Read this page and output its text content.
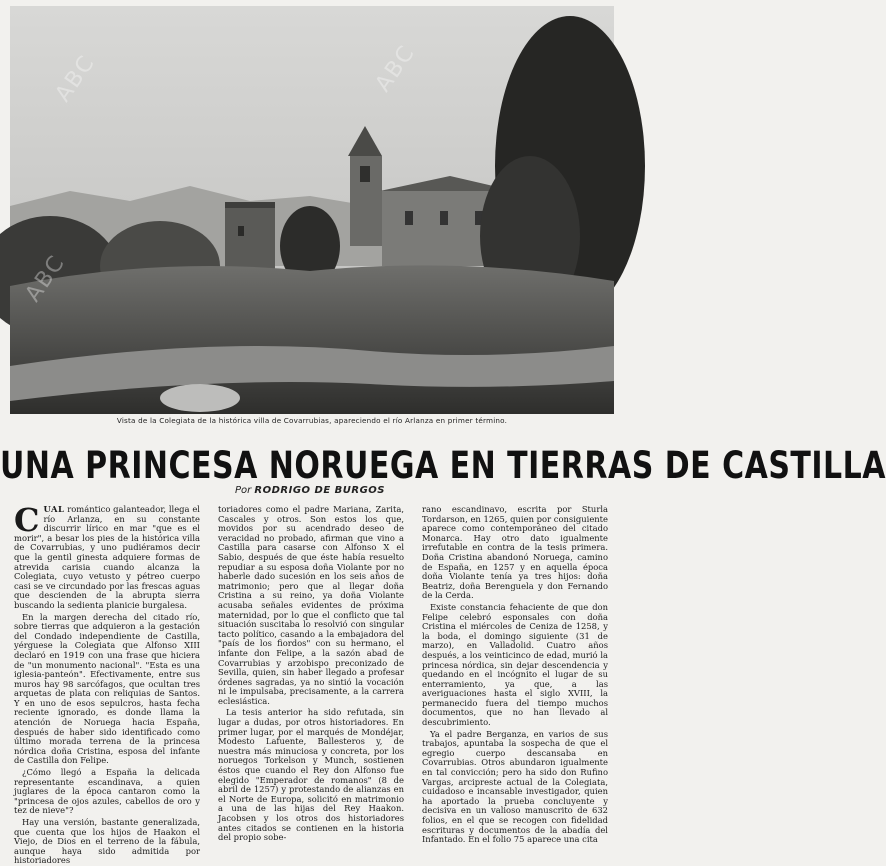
ABC	ABC
ABC
Vista de la Colegiata de la histórica villa de Covarrubias, apareciendo el río Arlanza en primer término.
UNA PRINCESA NORUEGA EN TIERRAS DE CASTILLA
Por RODRIGO DE BURGOS

C UAL romántico galanteador, llega el río Arlanza, en su constante discurrir lírico en mar "que es el morir", a besar los pies de la histórica villa de Covarrubias, y uno pudiéramos decir que la gentil ginesta adquiere formas de atrevida carisia cuando alcanza la Colegiata, cuyo vetusto y pétreo cuerpo casi se ve circundado por las frescas aguas que descienden de la abrupta sierra buscando la sedienta planicie burgalesa.

En la margen derecha del citado río, sobre tierras que adquieron a la gestación del Condado independiente de Castilla, yérguese la Colegiata que Alfonso XIII declaró en 1919 con una frase que hiciera de "un monumento nacional". "Esta es una iglesia-panteón". Efectivamente, entre sus muros hay 98 sarcófagos, que ocultan tres arquetas de plata con reliquias de Santos. Y en uno de esos sepulcros, hasta fecha reciente ignorado, es donde llama la atención de Noruega hacia España, después de haber sido identificado como último morada terrena de la princesa nórdica doña Cristina, esposa del infante de Castilla don Felipe.

¿Cómo llegó a España la delicada representante escandinava, a quien juglares de la época cantaron como la "princesa de ojos azules, cabellos de oro y tez de nieve"?

Hay una versión, bastante generalizada, que cuenta que los hijos de Haakon el Viejo, de Dios en el terreno de la fábula, aunque haya sido admitida por historiadores

toriadores como el padre Mariana, Zarita, Cascales y otros. Son estos los que, movidos por su acendrado deseo de veracidad no probado, afirman que vino a Castilla para casarse con Alfonso X el Sabio, después de que éste había resuelto repudiar a su esposa doña Violante por no haberle dado sucesión en los seis años de matrimonio; pero que al llegar doña Cristina a su reino, ya doña Violante acusaba señales evidentes de próxima maternidad, por lo que el conflicto que tal situación suscitaba lo resolvió con singular tacto político, casando a la embajadora del "país de los fiordos" con su hermano, el infante don Felipe, a la sazón abad de Covarrubias y arzobispo preconizado de Sevilla, quien, sin haber llegado a profesar órdenes sagradas, ya no sintió la vocación ni le impulsaba, precisamente, a la carrera eclesiástica.

La tesis anterior ha sido refutada, sin lugar a dudas, por otros historiadores. En primer lugar, por el marqués de Mondéjar, Modesto Lafuente, Ballesteros y, de nuestra más minuciosa y concreta, por los noruegos Torkelson y Munch, sostienen éstos que cuando el Rey don Alfonso fue elegido "Emperador de romanos" (8 de abril de 1257) y protestando de alianzas en el Norte de Europa, solicitó en matrimonio a una de las hijas del Rey Haakon. Jacobsen y los otros dos historiadores antes citados se contienen en la historia del propio sobe-

rano escandinavo, escrita por Sturla Tordarson, en 1265, quien por consiguiente aparece como contemporáneo del citado Monarca. Hay otro dato igualmente irrefutable en contra de la tesis primera. Doña Cristina abandonó Noruega, camino de España, en 1257 y en aquella época doña Violante tenía ya tres hijos: doña Beatriz, doña Berenguela y don Fernando de la Cerda.

Existe constancia fehaciente de que don Felipe celebró esponsales con doña Cristina el miércoles de Ceniza de 1258, y la boda, el domingo siguiente (31 de marzo), en Valladolid. Cuatro años después, a los veinticinco de edad, murió la princesa nórdica, sin dejar descendencia y quedando en el incógnito el lugar de su enterramiento, ya que, a las averiguaciones hasta el siglo XVIII, la permanecido fuera del tiempo muchos documentos, que no han llevado al descubrimiento.

Ya el padre Berganza, en varios de sus trabajos, apuntaba la sospecha de que el egregio cuerpo descansaba en Covarrubias. Otros abundaron igualmente en tal convicción; pero ha sido don Rufino Vargas, arcipreste actual de la Colegiata, cuidadoso e incansable investigador, quien ha aportado la prueba concluyente y decisiva en un valioso manuscrito de 632 folios, en el que se recogen con fidelidad escrituras y documentos de la abadía del Infantado. En el folio 75 aparece una cita
